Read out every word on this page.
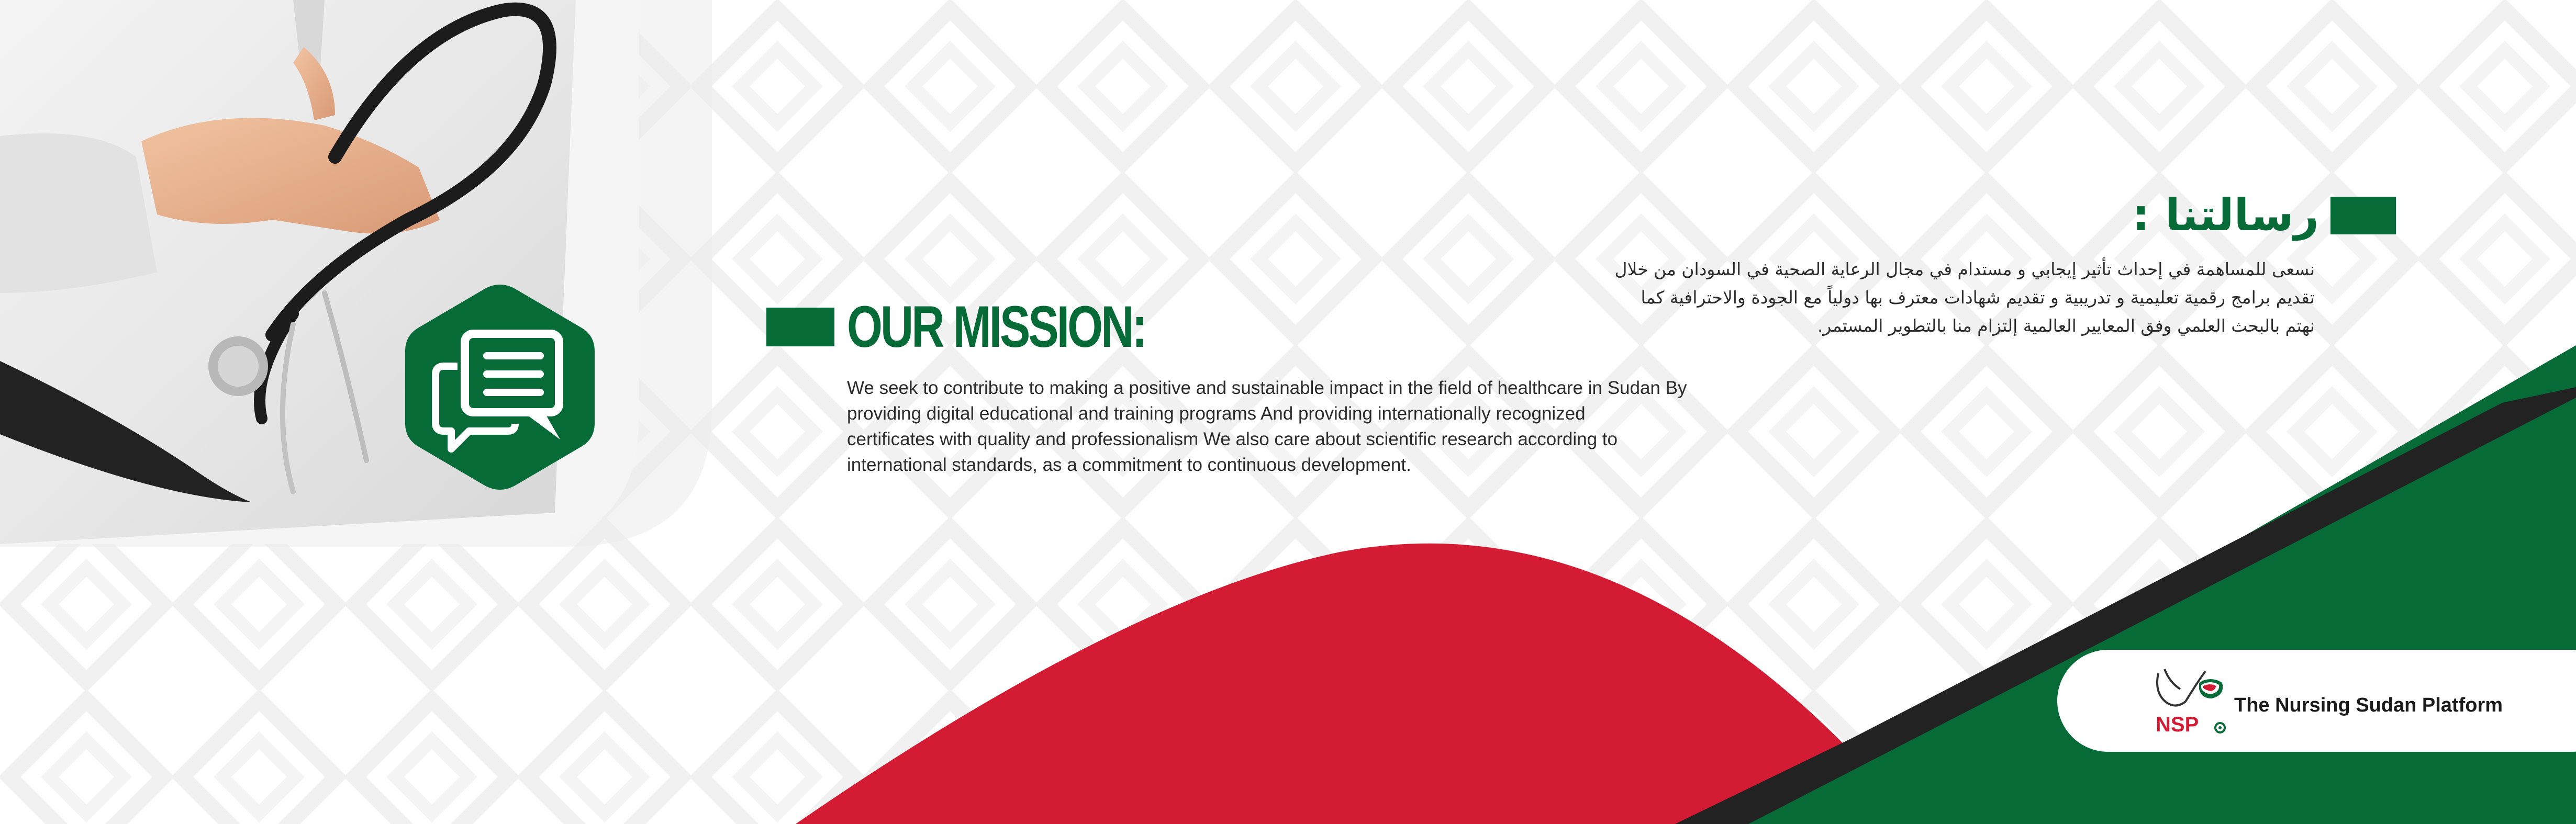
OUR MISSION:

We seek to contribute to making a positive and sustainable impact in the field of healthcare in Sudan By

providing digital educational and training programs And providing internationally recognized

certificates with quality and professionalism We also care about scientific research according to

international standards, as a commitment to continuous development.

رسالتنا :

نسعى للمساهمة في إحداث تأثير إيجابي و مستدام في مجال الرعاية الصحية في السودان من خلال

تقديم برامج رقمية تعليمية و تدريبية و تقديم شهادات معترف بها دولياً مع الجودة والاحترافية كما

نهتم بالبحث العلمي وفق المعايير العالمية إلتزام منا بالتطوير المستمر.

NSP
The Nursing Sudan Platform
